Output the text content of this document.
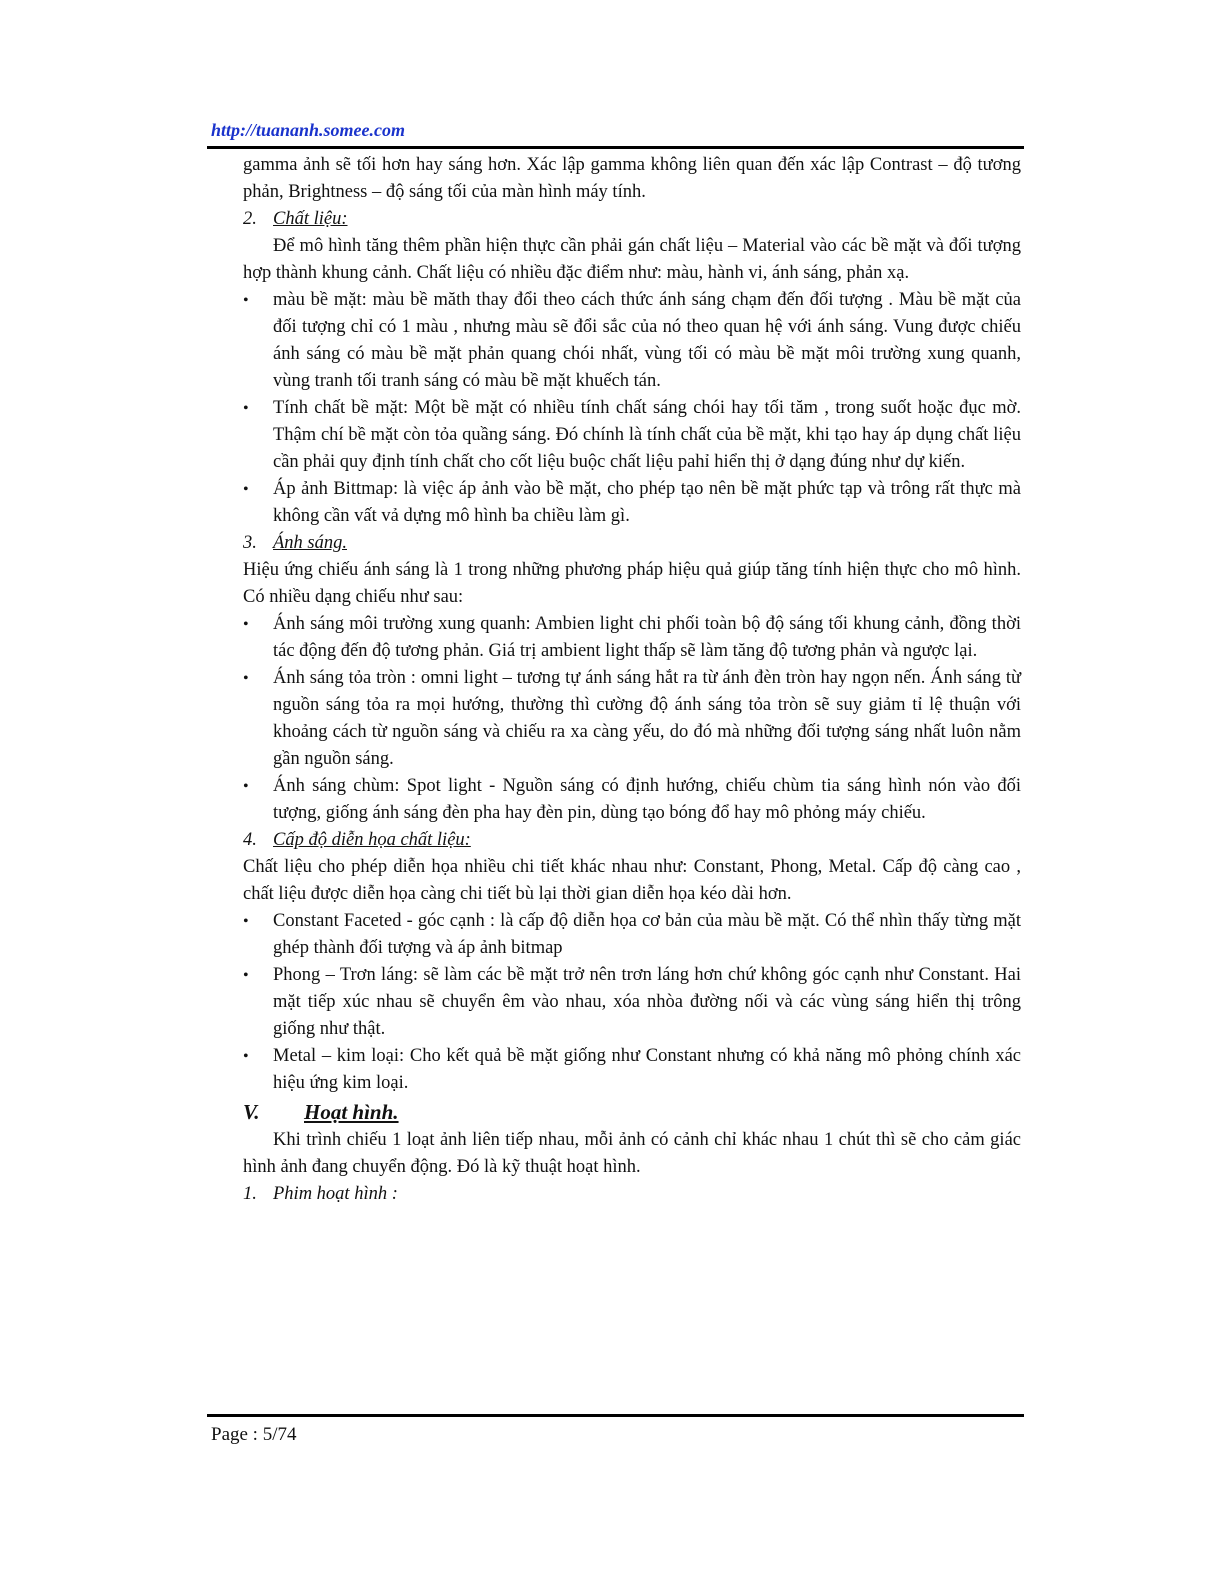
http://tuananh.somee.com

gamma ảnh sẽ tối hơn hay sáng hơn. Xác lập gamma không liên quan đến xác lập Contrast – độ tương phản, Brightness – độ sáng tối của màn hình máy tính.

2. Chất liệu:

Để mô hình tăng thêm phần hiện thực cần phải gán chất liệu – Material vào các bề mặt và đối tượng hợp thành khung cảnh. Chất liệu có nhiều đặc điểm như: màu, hành vi, ánh sáng, phản xạ.

• màu bề mặt: màu bề măth thay đổi theo cách thức ánh sáng chạm đến đối tượng . Màu bề mặt của đối tượng chỉ có 1 màu , nhưng màu sẽ đổi sắc của nó theo quan hệ với ánh sáng. Vung được chiếu ánh sáng có màu bề mặt phản quang chói nhất, vùng tối có màu bề mặt môi trường xung quanh, vùng tranh tối tranh sáng có màu bề mặt khuếch tán.
• Tính chất bề mặt: Một bề mặt có nhiều tính chất sáng chói hay tối tăm , trong suốt hoặc đục mờ. Thậm chí bề mặt còn tỏa quầng sáng. Đó chính là tính chất của bề mặt, khi tạo hay áp dụng chất liệu cần phải quy định tính chất cho cốt liệu buộc chất liệu pahỉ hiển thị ở dạng đúng như dự kiến.
• Áp ảnh Bittmap: là việc áp ảnh vào bề mặt, cho phép tạo nên bề mặt phức tạp và trông rất thực mà không cần vất vả dựng mô hình ba chiều làm gì.

3. Ánh sáng.

Hiệu ứng chiếu ánh sáng là 1 trong những phương pháp hiệu quả giúp tăng tính hiện thực cho mô hình. Có nhiều dạng chiếu như sau:

• Ánh sáng môi trường xung quanh: Ambien light chi phối toàn bộ độ sáng tối khung cảnh, đồng thời tác động đến độ tương phản. Giá trị ambient light thấp sẽ làm tăng độ tương phản và ngược lại.
• Ánh sáng tỏa tròn : omni light – tương tự ánh sáng hắt ra từ ánh đèn tròn hay ngọn nến. Ánh sáng từ nguồn sáng tỏa ra mọi hướng, thường thì cường độ ánh sáng tỏa tròn sẽ suy giảm tỉ lệ thuận với khoảng cách từ nguồn sáng và chiếu ra xa càng yếu, do đó mà những đối tượng sáng nhất luôn nằm gần nguồn sáng.
• Ánh sáng chùm: Spot light - Nguồn sáng có định hướng, chiếu chùm tia sáng hình nón vào đối tượng, giống ánh sáng đèn pha hay đèn pin, dùng tạo bóng đổ hay mô phỏng máy chiếu.

4. Cấp độ diễn họa chất liệu:

Chất liệu cho phép diễn họa nhiều chi tiết khác nhau như: Constant, Phong, Metal. Cấp độ càng cao , chất liệu được diễn họa càng chi tiết bù lại thời gian diễn họa kéo dài hơn.

• Constant Faceted - góc cạnh : là cấp độ diễn họa cơ bản của màu bề mặt. Có thể nhìn thấy từng mặt ghép thành đối tượng và áp ảnh bitmap
• Phong – Trơn láng: sẽ làm các bề mặt trở nên trơn láng hơn chứ không góc cạnh như Constant. Hai mặt tiếp xúc nhau sẽ chuyển êm vào nhau, xóa nhòa đường nối và các vùng sáng hiển thị trông giống như thật.
• Metal – kim loại: Cho kết quả bề mặt giống như Constant nhưng có khả năng mô phỏng chính xác hiệu ứng kim loại.

V. Hoạt hình.

Khi trình chiếu 1 loạt ảnh liên tiếp nhau, mỗi ảnh có cảnh chỉ khác nhau 1 chút thì sẽ cho cảm giác hình ảnh đang chuyển động. Đó là kỹ thuật hoạt hình.

1. Phim hoạt hình :

Page : 5/74
